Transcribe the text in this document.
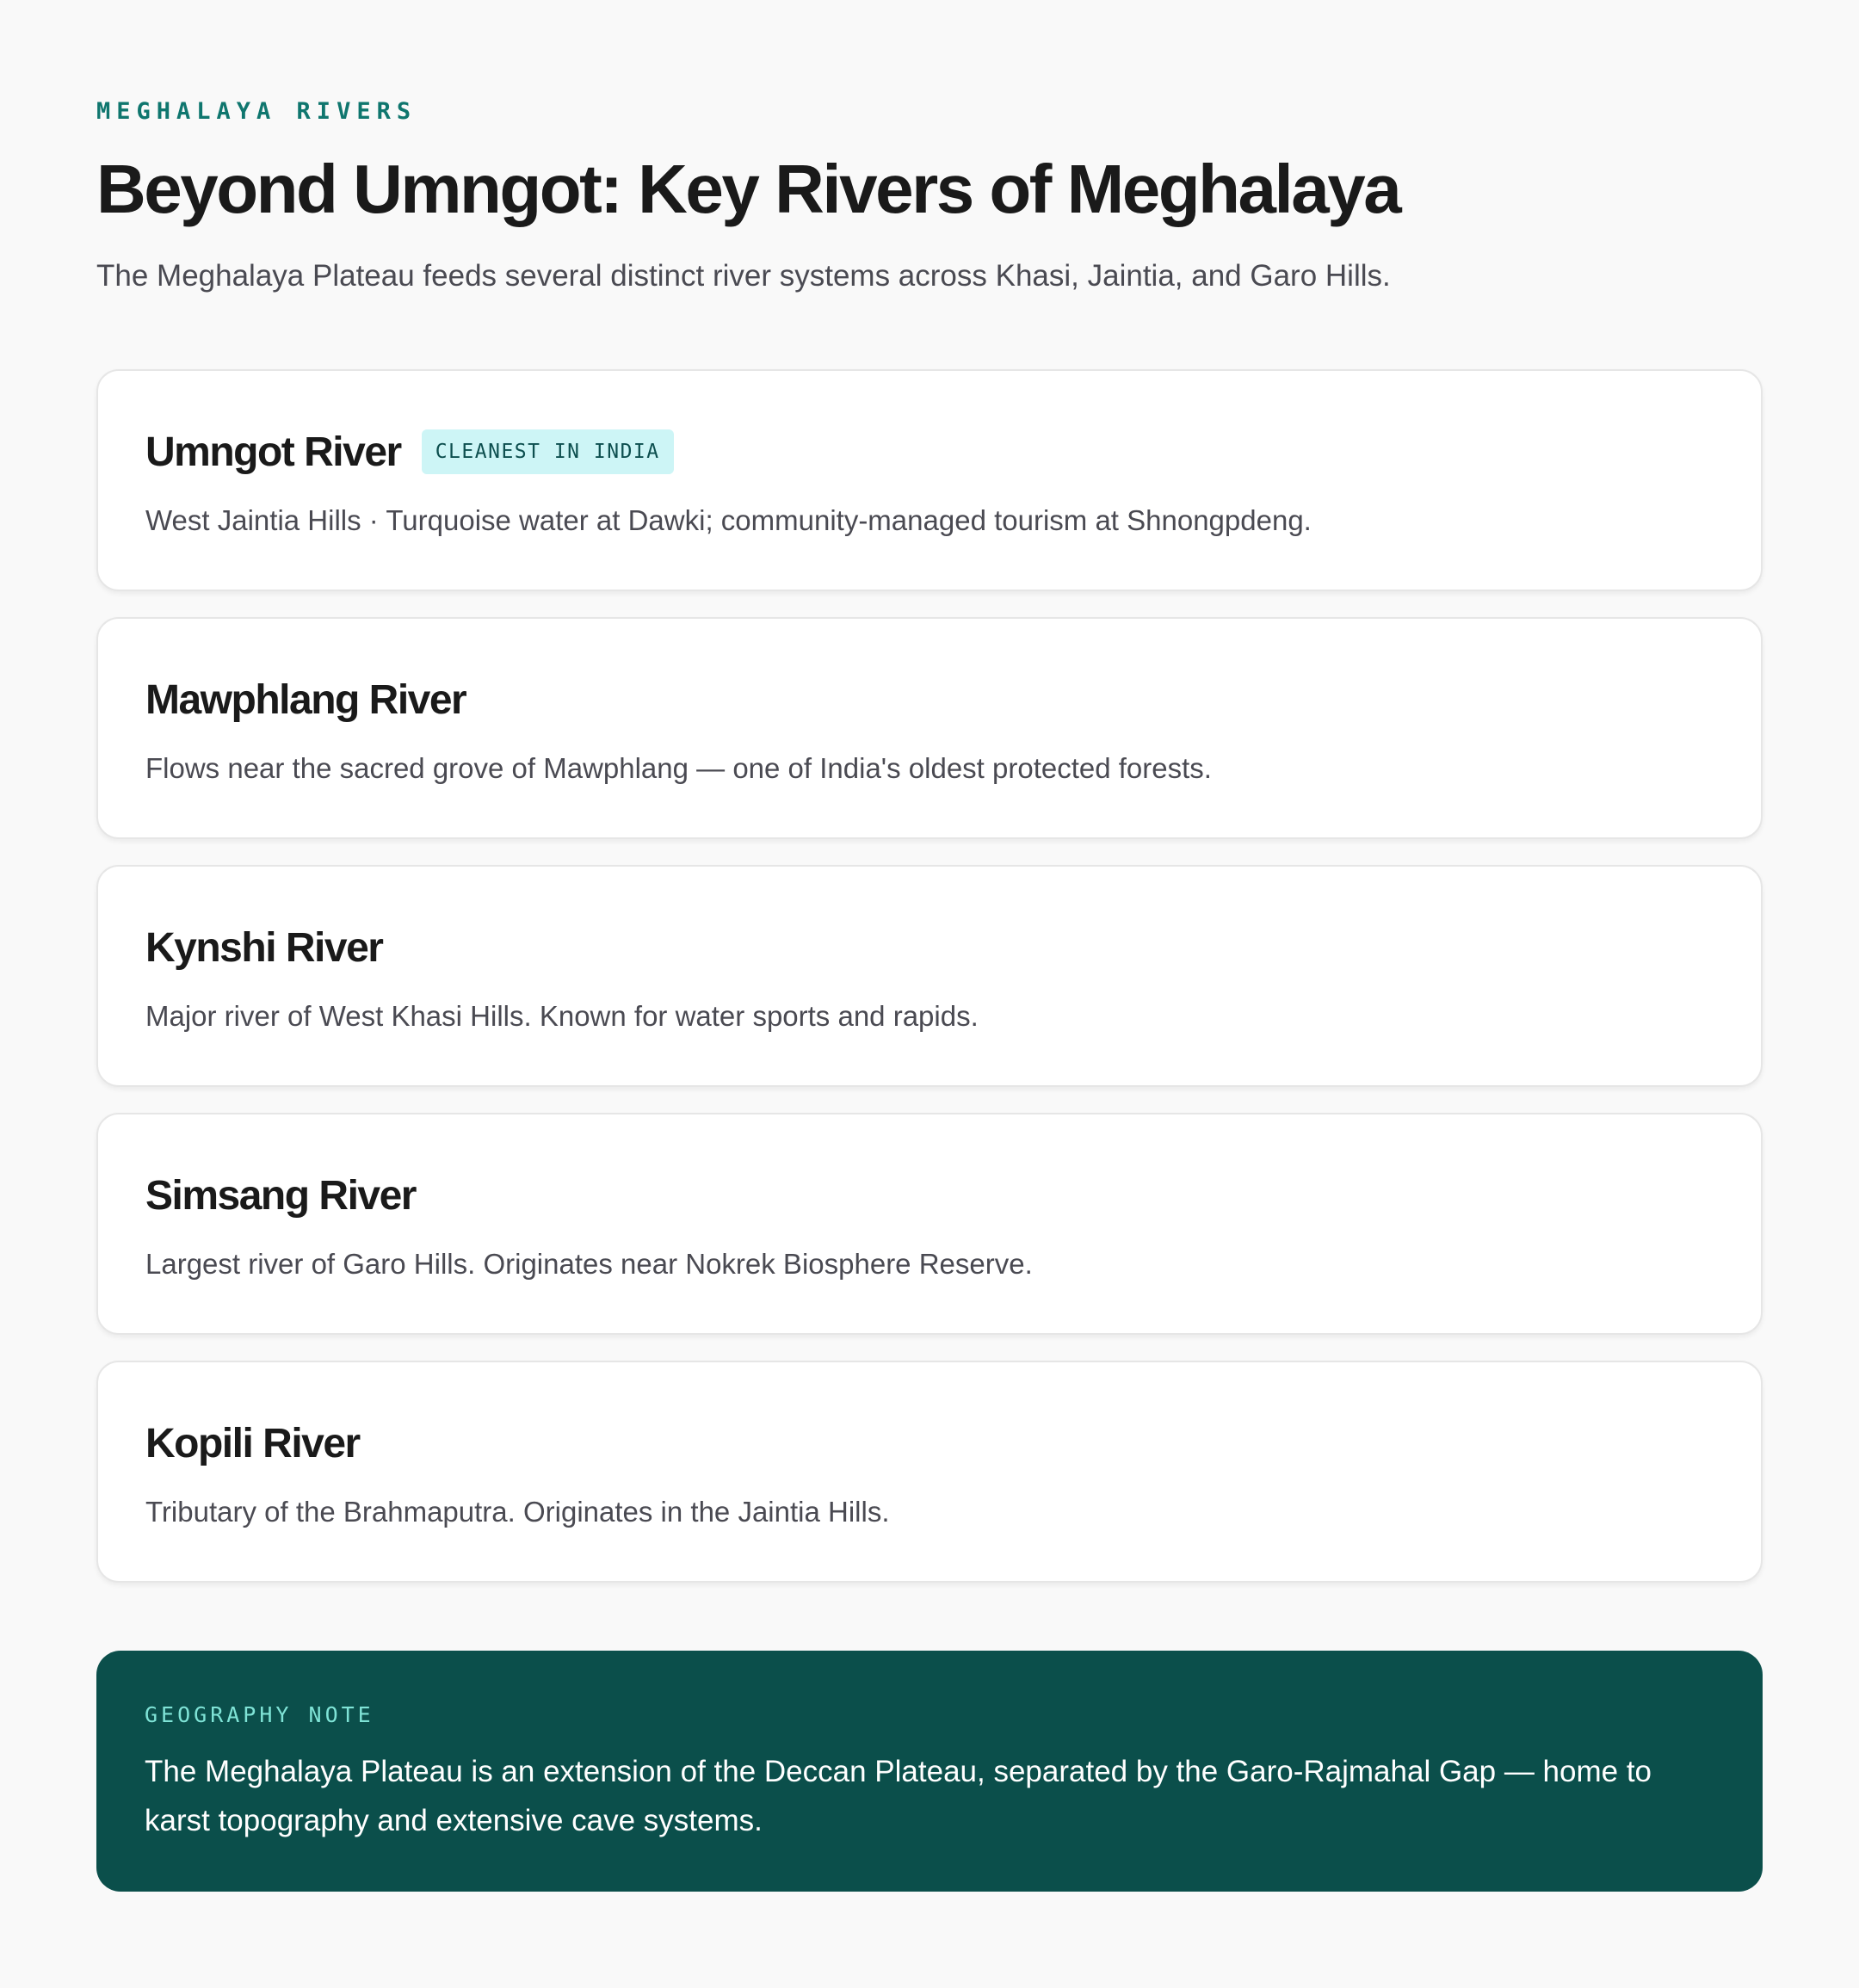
MEGHALAYA RIVERS
Beyond Umngot: Key Rivers of Meghalaya
The Meghalaya Plateau feeds several distinct river systems across Khasi, Jaintia, and Garo Hills.
Umngot River	CLEANEST IN INDIA
West Jaintia Hills · Turquoise water at Dawki; community-managed tourism at Shnongpdeng.
Mawphlang River
Flows near the sacred grove of Mawphlang — one of India's oldest protected forests.
Kynshi River
Major river of West Khasi Hills. Known for water sports and rapids.
Simsang River
Largest river of Garo Hills. Originates near Nokrek Biosphere Reserve.
Kopili River
Tributary of the Brahmaputra. Originates in the Jaintia Hills.
GEOGRAPHY NOTE
The Meghalaya Plateau is an extension of the Deccan Plateau, separated by the Garo-Rajmahal Gap — home to karst topography and extensive cave systems.
